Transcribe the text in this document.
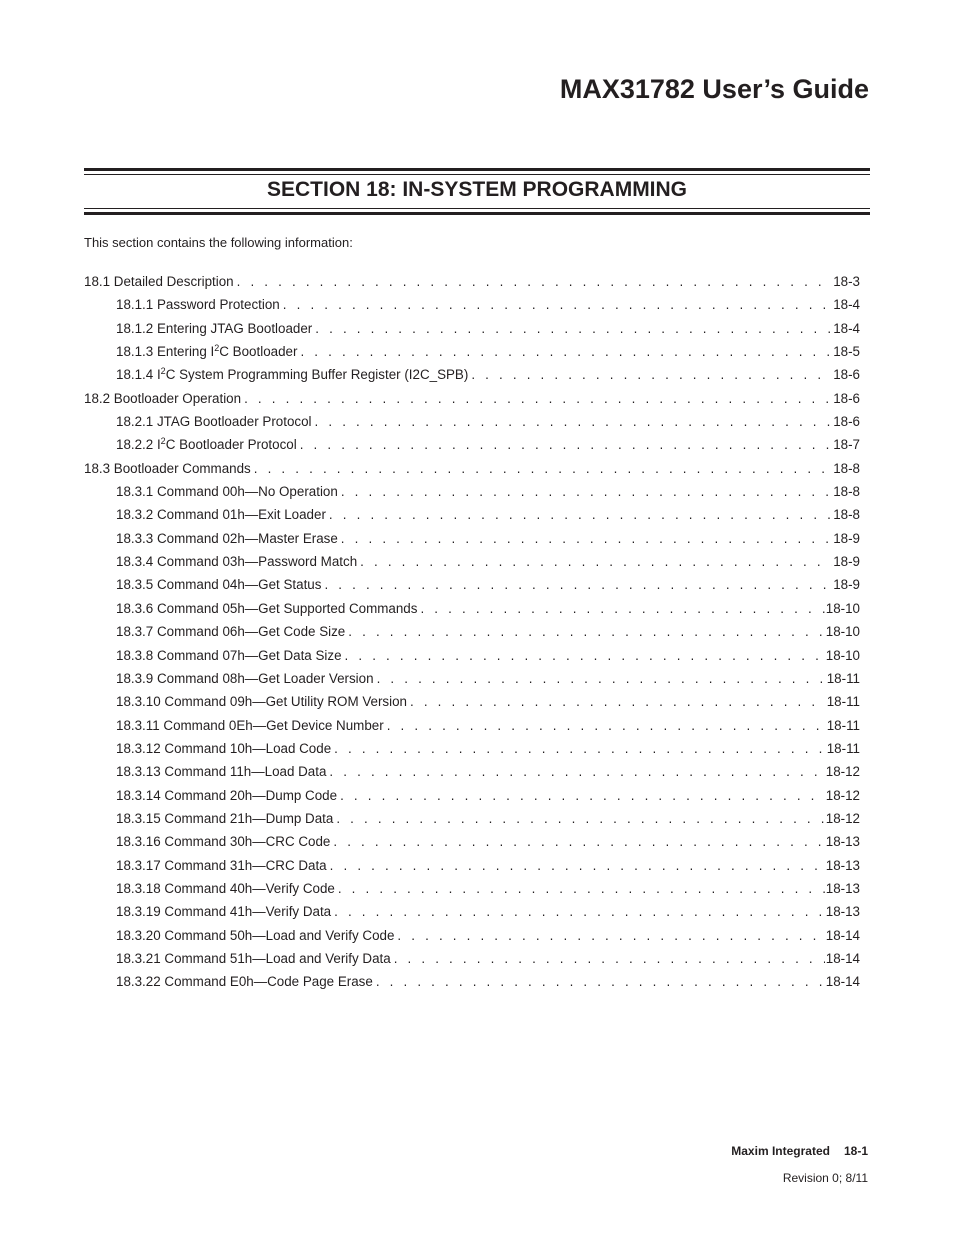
MAX31782 User’s Guide
SECTION 18: IN-SYSTEM PROGRAMMING

This section contains the following information:

18.1 Detailed Description . . .	18-3
18.1.1 Password Protection . . .	18-4
18.1.2 Entering JTAG Bootloader . . .	18-4
18.1.3 Entering $I^2C$ Bootloader . . .	18-5
18.1.4 $I^2C$ System Programming Buffer Register (I2C_SPB) . . .	18-6
18.2 Bootloader Operation . . .	18-6
18.2.1 JTAG Bootloader Protocol . . .	18-6
18.2.2 $I^2C$ Bootloader Protocol . . .	18-7
18.3 Bootloader Commands . . .	18-8
18.3.1 Command 00h—No Operation . . .	18-8
18.3.2 Command 01h—Exit Loader . . .	18-8
18.3.3 Command 02h—Master Erase . . .	18-9
18.3.4 Command 03h—Password Match . . .	18-9
18.3.5 Command 04h—Get Status . . .	18-9
18.3.6 Command 05h—Get Supported Commands . . .	18-10
18.3.7 Command 06h—Get Code Size . . .	18-10
18.3.8 Command 07h—Get Data Size . . .	18-10
18.3.9 Command 08h—Get Loader Version . . .	18-11
18.3.10 Command 09h—Get Utility ROM Version . . .	18-11
18.3.11 Command 0Eh—Get Device Number . . .	18-11
18.3.12 Command 10h—Load Code . . .	18-11
18.3.13 Command 11h—Load Data . . .	18-12
18.3.14 Command 20h—Dump Code . . .	18-12
18.3.15 Command 21h—Dump Data . . .	18-12
18.3.16 Command 30h—CRC Code . . .	18-13
18.3.17 Command 31h—CRC Data . . .	18-13
18.3.18 Command 40h—Verify Code . . .	18-13
18.3.19 Command 41h—Verify Data . . .	18-13
18.3.20 Command 50h—Load and Verify Code . . .	18-14
18.3.21 Command 51h—Load and Verify Data . . .	18-14
18.3.22 Command E0h—Code Page Erase . . .	18-14

Maxim Integrated 18-1

Revision 0; 8/11
